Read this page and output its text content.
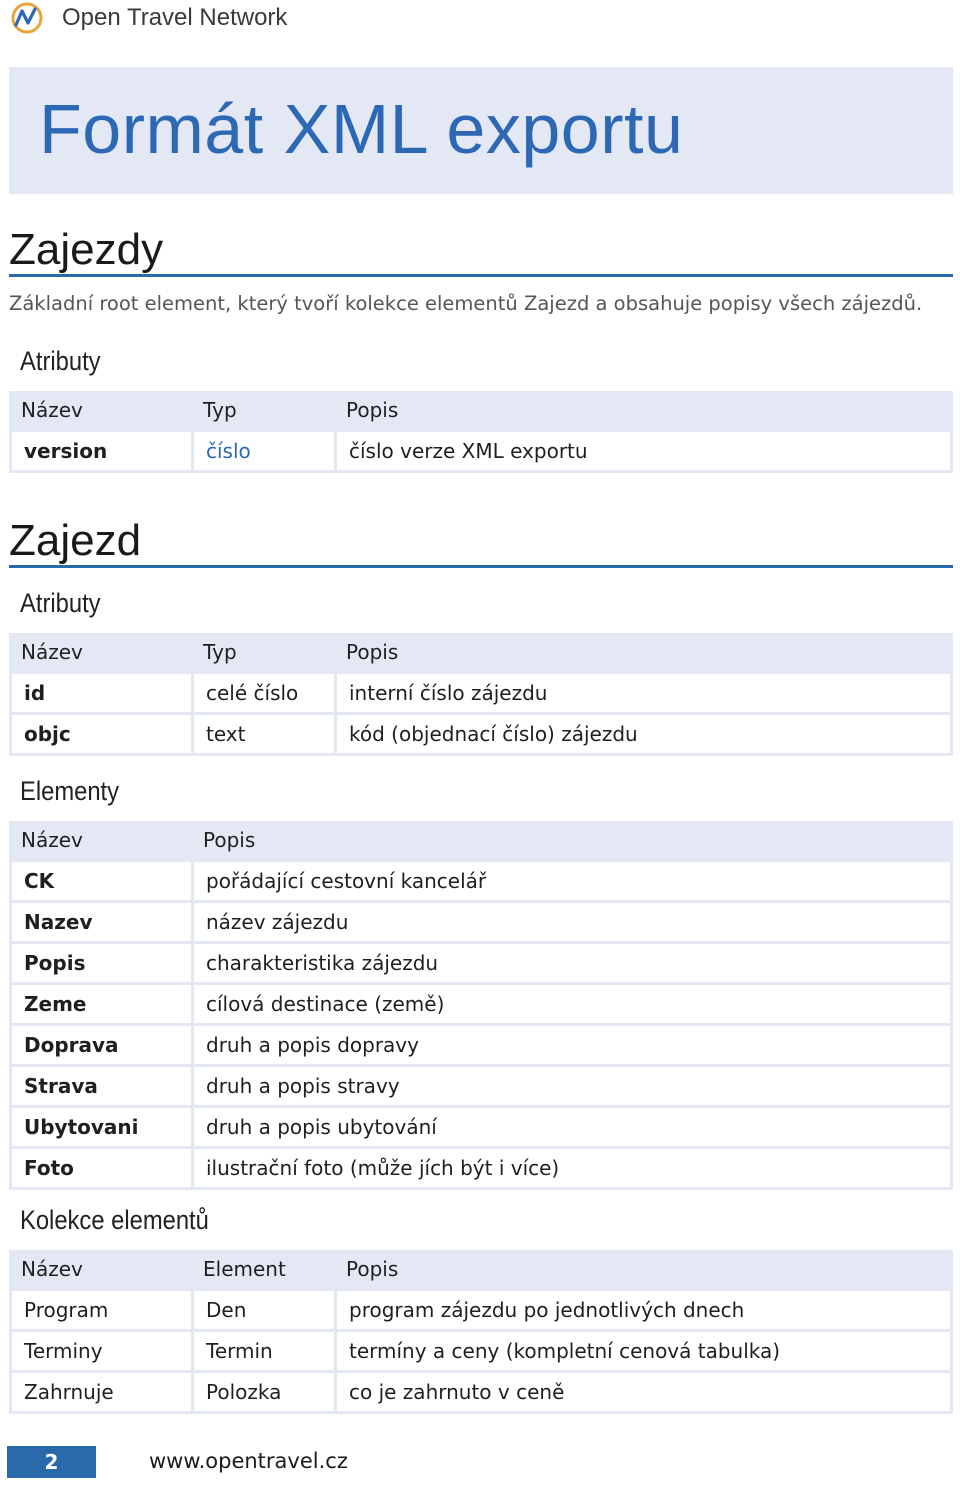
Open Travel Network
Formát XML exportu
Zajezdy

Základní root element, který tvoří kolekce elementů Zajezd a obsahuje popisy všech zájezdů.

Atributy
Název	Typ	Popis
version	číslo	číslo verze XML exportu
Zajezd
Atributy
Název	Typ	Popis
id	celé číslo	interní číslo zájezdu
objc	text	kód (objednací číslo) zájezdu
Elementy
Název	Popis
CK	pořádající cestovní kancelář
Nazev	název zájezdu
Popis	charakteristika zájezdu
Zeme	cílová destinace (země)
Doprava	druh a popis dopravy
Strava	druh a popis stravy
Ubytovani	druh a popis ubytování
Foto	ilustrační foto (může jích být i více)
Kolekce elementů
Název	Element	Popis
Program	Den	program zájezdu po jednotlivých dnech
Terminy	Termin	termíny a ceny (kompletní cenová tabulka)
Zahrnuje	Polozka	co je zahrnuto v ceně
2	www.opentravel.cz
